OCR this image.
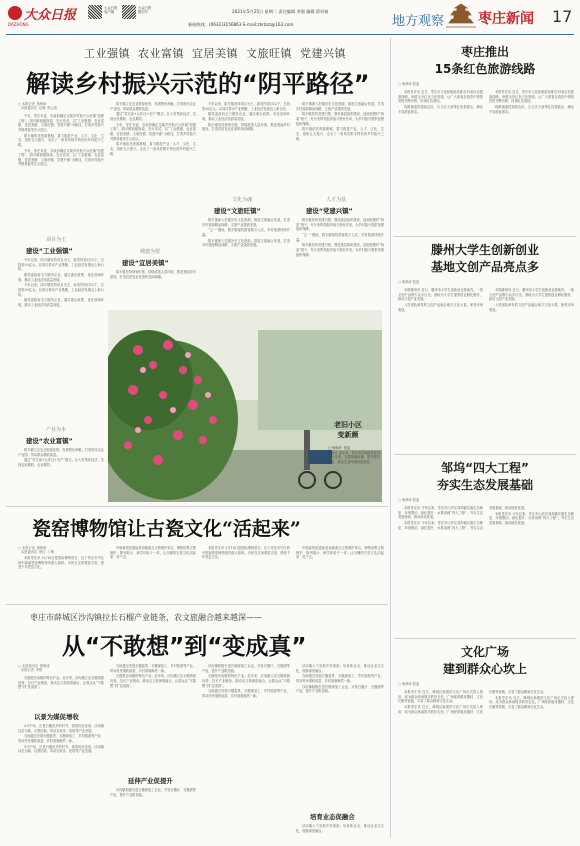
大众日报
DAZHONG
大众日报
客户端
大众日报
微信号	2021年5月25日 星期二 责任编辑 李强 编辑 薛忻雅
新闻热线：(0632)3156863 E-mail:zhrbzz@163.com	地方观察 枣庄新闻 17
工业强镇  农业富镇  宜居美镇  文旅旺镇  党建兴镇
解读乡村振兴示范的“阴平路径”
□ 本报记者  熊修涛
本报通讯员  赵琳  熊云涛

今年，枣庄市委、市政府确定实施乡村振兴示范镇“创建工程”，阴平镇积极探索、先行先试，以“工业强镇、农业富镇、宜居美镇、文旅旺镇、党建兴镇”为路径，打造乡村振兴齐鲁样板枣庄示范区。

阴平镇依托资源禀赋，着力推进产业、人才、文化、生态、组织五大振兴，走出了一条具有阴平特色的乡村振兴之路。

今年，枣庄市委、市政府确定实施乡村振兴示范镇“创建工程”，阴平镇积极探索、先行先试，以“工业强镇、农业富镇、宜居美镇、文旅旺镇、党建兴镇”为路径，打造乡村振兴齐鲁样板枣庄示范区。

项目为王
建设“工业强镇”

今年以来，阴平镇坚持项目为王，新签约项目12个，总投资30亿元。以项目带动产业集聚，工业经济发展迈上新台阶。

镇党委政府全力服务企业，落实惠企政策，优化营商环境，推动工业经济高质量发展。

今年以来，阴平镇坚持项目为王，新签约项目12个，总投资30亿元。以项目带动产业集聚，工业经济发展迈上新台阶。

镇党委政府全力服务企业，落实惠企政策，优化营商环境，推动工业经济高质量发展。

产业为本
建设“农业富镇”

阴平镇立足农业资源优势，发展特色种植，打造现代农业产业园，带动群众增收致富。

通过“党支部+合作社+农户”模式，壮大村集体经济，实现农民增收、农业增效。

阴平镇立足农业资源优势，发展特色种植，打造现代农业产业园，带动群众增收致富。

通过“党支部+合作社+农户”模式，壮大村集体经济，实现农民增收、农业增效。

今年，枣庄市委、市政府确定实施乡村振兴示范镇“创建工程”，阴平镇积极探索、先行先试，以“工业强镇、农业富镇、宜居美镇、文旅旺镇、党建兴镇”为路径，打造乡村振兴齐鲁样板枣庄示范区。

阴平镇依托资源禀赋，着力推进产业、人才、文化、生态、组织五大振兴，走出了一条具有阴平特色的乡村振兴之路。

城建为要
建设“宜居美镇”

阴平镇坚持规划引领，持续改善人居环境，推进美丽乡村建设，打造宜居宜业宜游的美丽城镇。

今年以来，阴平镇坚持项目为王，新签约项目12个，总投资30亿元。以项目带动产业集聚，工业经济发展迈上新台阶。

镇党委政府全力服务企业，落实惠企政策，优化营商环境，推动工业经济高质量发展。

阴平镇坚持规划引领，持续改善人居环境，推进美丽乡村建设，打造宜居宜业宜游的美丽城镇。

文化为魂
建设“文旅旺镇”

阴平镇深入挖掘历史文化资源，推进文旅融合发展，打造乡村旅游精品线路，文旅产业蓬勃发展。

“五一”期间，阴平镇接待游客数万人次，乡村旅游持续升温。

阴平镇深入挖掘历史文化资源，推进文旅融合发展，打造乡村旅游精品线路，文旅产业蓬勃发展。

阴平镇深入挖掘历史文化资源，推进文旅融合发展，打造乡村旅游精品线路，文旅产业蓬勃发展。

阴平镇坚持党建引领，强化基层组织建设，选优配强村“两委”班子，充分发挥党组织战斗堡垒作用，为乡村振兴提供坚强组织保障。

阴平镇依托资源禀赋，着力推进产业、人才、文化、生态、组织五大振兴，走出了一条具有阴平特色的乡村振兴之路。

人才为基
建设“党建兴镇”

阴平镇坚持党建引领，强化基层组织建设，选优配强村“两委”班子，充分发挥党组织战斗堡垒作用，为乡村振兴提供坚强组织保障。

“五一”期间，阴平镇接待游客数万人次，乡村旅游持续升温。

阴平镇坚持党建引领，强化基层组织建设，选优配强村“两委”班子，充分发挥党组织战斗堡垒作用，为乡村振兴提供坚强组织保障。

老旧小区
变新颜
□ 熊修涛  报道
本报讯 近年来，枣庄市持续推进老旧小区改造，完善基础设施，提升居住品质，群众生活环境明显改善。
瓷窑博物馆让古瓷文化“活起来”
□ 本报记者  熊修涛
本报通讯员  徐红  丁梅

本报枣庄讯 5月18日是国际博物馆日，位于枣庄市中区的中陈郝瓷窑博物馆内游人如织。市民在这里观赏古瓷，感受千年瓷窑文化。

中陈郝瓷窑遗址是省级重点文物保护单位，博物馆集文物保护、陈列展示、研学体验于一体，让沉睡的古瓷文化活起来、传下去。

本报枣庄讯 5月18日是国际博物馆日，位于枣庄市中区的中陈郝瓷窑博物馆内游人如织。市民在这里观赏古瓷，感受千年瓷窑文化。

中陈郝瓷窑遗址是省级重点文物保护单位，博物馆集文物保护、陈列展示、研学体验于一体，让沉睡的古瓷文化活起来、传下去。

枣庄市薛城区沙沟镇拉长石榴产业链条，农文旅融合越来越深——
从“不敢想”到“变成真”
□ 本报通讯员  熊修涛
本报记者  李强

石榴是沙沟镇的特色产业。近年来，沙沟镇立足石榴资源优势，拉长产业链条，推动农文旅深度融合，让群众从“不敢想”到“变成真”。

以景为媒促增收

5月中旬，正是石榴花开的时节，游客纷至沓来。沙沟镇以花为媒，以景招商，带动农家乐、民宿等产业发展。

当地通过发展石榴盆景、石榴深加工、乡村旅游等产业，带动村民增收致富，乡村面貌焕然一新。

5月中旬，正是石榴花开的时节，游客纷至沓来。沙沟镇以花为媒，以景招商，带动农家乐、民宿等产业发展。

当地通过发展石榴盆景、石榴深加工、乡村旅游等产业，带动村民增收致富，乡村面貌焕然一新。

石榴是沙沟镇的特色产业。近年来，沙沟镇立足石榴资源优势，拉长产业链条，推动农文旅深度融合，让群众从“不敢想”到“变成真”。

延伸产业促提升

沙沟镇积极引进石榴深加工企业，开发石榴汁、石榴酒等产品，提升产业附加值。

沙沟镇积极引进石榴深加工企业，开发石榴汁、石榴酒等产品，提升产业附加值。

石榴是沙沟镇的特色产业。近年来，沙沟镇立足石榴资源优势，拉长产业链条，推动农文旅深度融合，让群众从“不敢想”到“变成真”。

当地通过发展石榴盆景、石榴深加工、乡村旅游等产业，带动村民增收致富，乡村面貌焕然一新。

沙沟镇大力发展乡村旅游，培育新业态，推动农业与文化、旅游深度融合。

当地通过发展石榴盆景、石榴深加工、乡村旅游等产业，带动村民增收致富，乡村面貌焕然一新。

沙沟镇积极引进石榴深加工企业，开发石榴汁、石榴酒等产品，提升产业附加值。

培育业态促融合

沙沟镇大力发展乡村旅游，培育新业态，推动农业与文化、旅游深度融合。

枣庄推出
15条红色旅游线路
□ 熊修涛 报道

本报枣庄讯 近日，枣庄市文化和旅游局推出15条红色旅游线路，串联全市红色文化资源，让广大游客在游览中感悟党的光辉历程，传承红色基因。

线路涵盖铁道游击队、台儿庄大战等红色资源点，满足不同游客需求。

本报枣庄讯 近日，枣庄市文化和旅游局推出15条红色旅游线路，串联全市红色文化资源，让广大游客在游览中感悟党的光辉历程，传承红色基因。

线路涵盖铁道游击队、台儿庄大战等红色资源点，满足不同游客需求。

滕州大学生创新创业
基地文创产品亮点多
□ 熊修涛 报道

本报滕州讯 近日，滕州市大学生创新创业基地内，一批文创产品吸引众多目光。基地为大学生提供创业孵化服务，推动文创产业发展。

入驻团队研发的文创产品融合地方文化元素，深受市场欢迎。

本报滕州讯 近日，滕州市大学生创新创业基地内，一批文创产品吸引众多目光。基地为大学生提供创业孵化服务，推动文创产业发展。

入驻团队研发的文创产品融合地方文化元素，深受市场欢迎。

邹坞“四大工程”
夯实生态发展基础
□ 熊修涛 报道

本报枣庄讯 今年以来，枣庄市山亭区邹坞镇实施生态修复、环境整治、绿化提升、水系治理“四大工程”，夯实生态发展基础，推动绿色发展。

本报枣庄讯 今年以来，枣庄市山亭区邹坞镇实施生态修复、环境整治、绿化提升、水系治理“四大工程”，夯实生态发展基础，推动绿色发展。

本报枣庄讯 今年以来，枣庄市山亭区邹坞镇实施生态修复、环境整治、绿化提升、水系治理“四大工程”，夯实生态发展基础，推动绿色发展。

文化广场
建到群众心坎上
□ 熊修涛 报道

本报枣庄讯 近日，峄城区新建的文化广场正式投入使用，成为群众休闲娱乐的好去处。广场配套健身器材、文化长廊等设施，丰富了群众精神文化生活。

本报枣庄讯 近日，峄城区新建的文化广场正式投入使用，成为群众休闲娱乐的好去处。广场配套健身器材、文化长廊等设施，丰富了群众精神文化生活。

本报枣庄讯 近日，峄城区新建的文化广场正式投入使用，成为群众休闲娱乐的好去处。广场配套健身器材、文化长廊等设施，丰富了群众精神文化生活。
